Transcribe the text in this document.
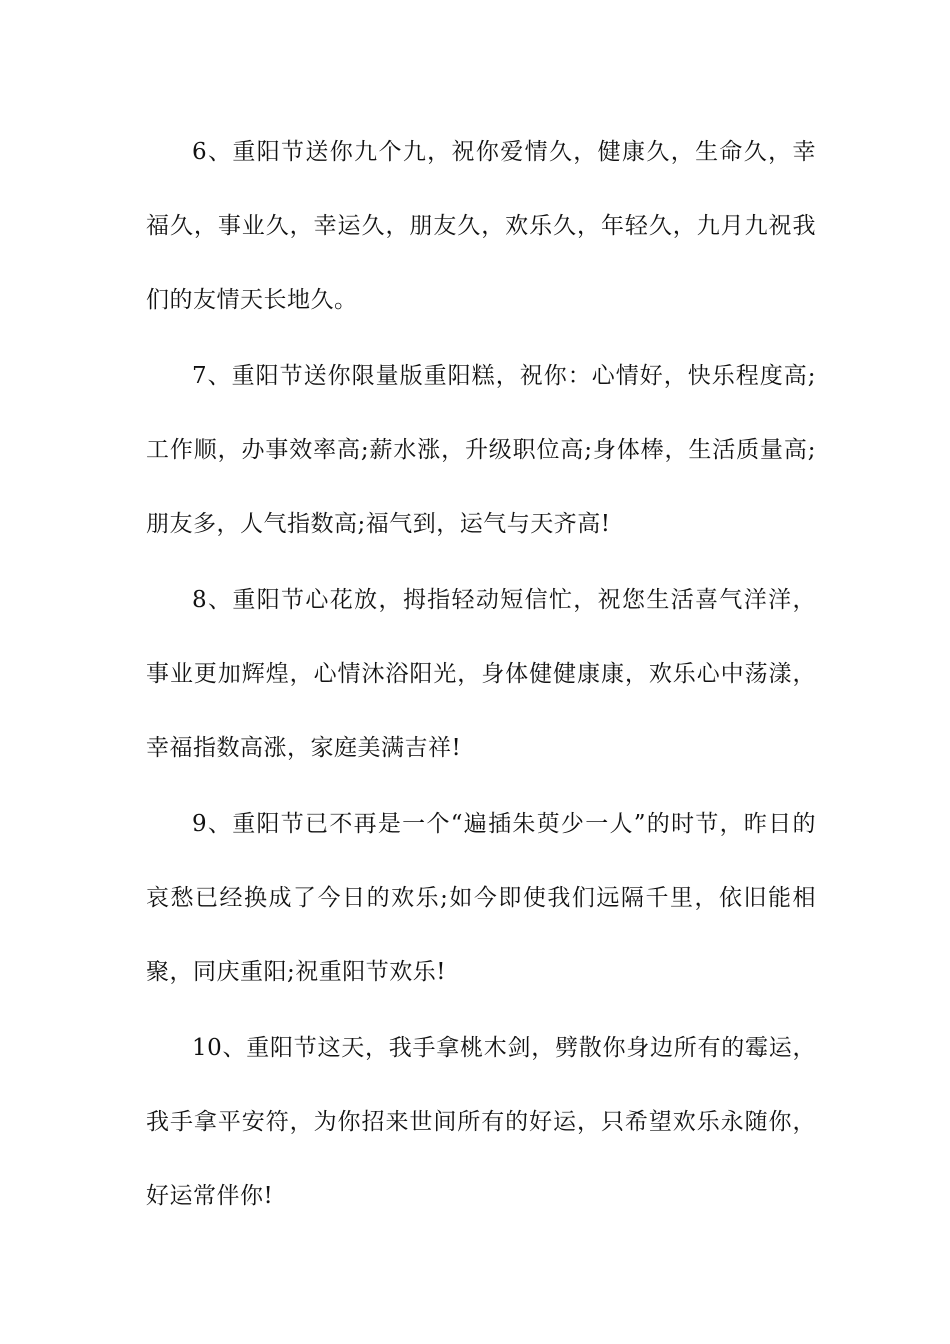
6、重阳节送你九个九，祝你爱情久，健康久，生命久，幸福久，事业久，幸运久，朋友久，欢乐久，年轻久，九月九祝我们的友情天长地久。

7、重阳节送你限量版重阳糕，祝你：心情好，快乐程度高;工作顺，办事效率高;薪水涨，升级职位高;身体棒，生活质量高;朋友多，人气指数高;福气到，运气与天齐高!

8、重阳节心花放，拇指轻动短信忙，祝您生活喜气洋洋，事业更加辉煌，心情沐浴阳光，身体健健康康，欢乐心中荡漾，幸福指数高涨，家庭美满吉祥!

9、重阳节已不再是一个“遍插朱萸少一人”的时节，昨日的哀愁已经换成了今日的欢乐;如今即使我们远隔千里，依旧能相聚，同庆重阳;祝重阳节欢乐!

10、重阳节这天，我手拿桃木剑，劈散你身边所有的霉运，我手拿平安符，为你招来世间所有的好运，只希望欢乐永随你，好运常伴你!
